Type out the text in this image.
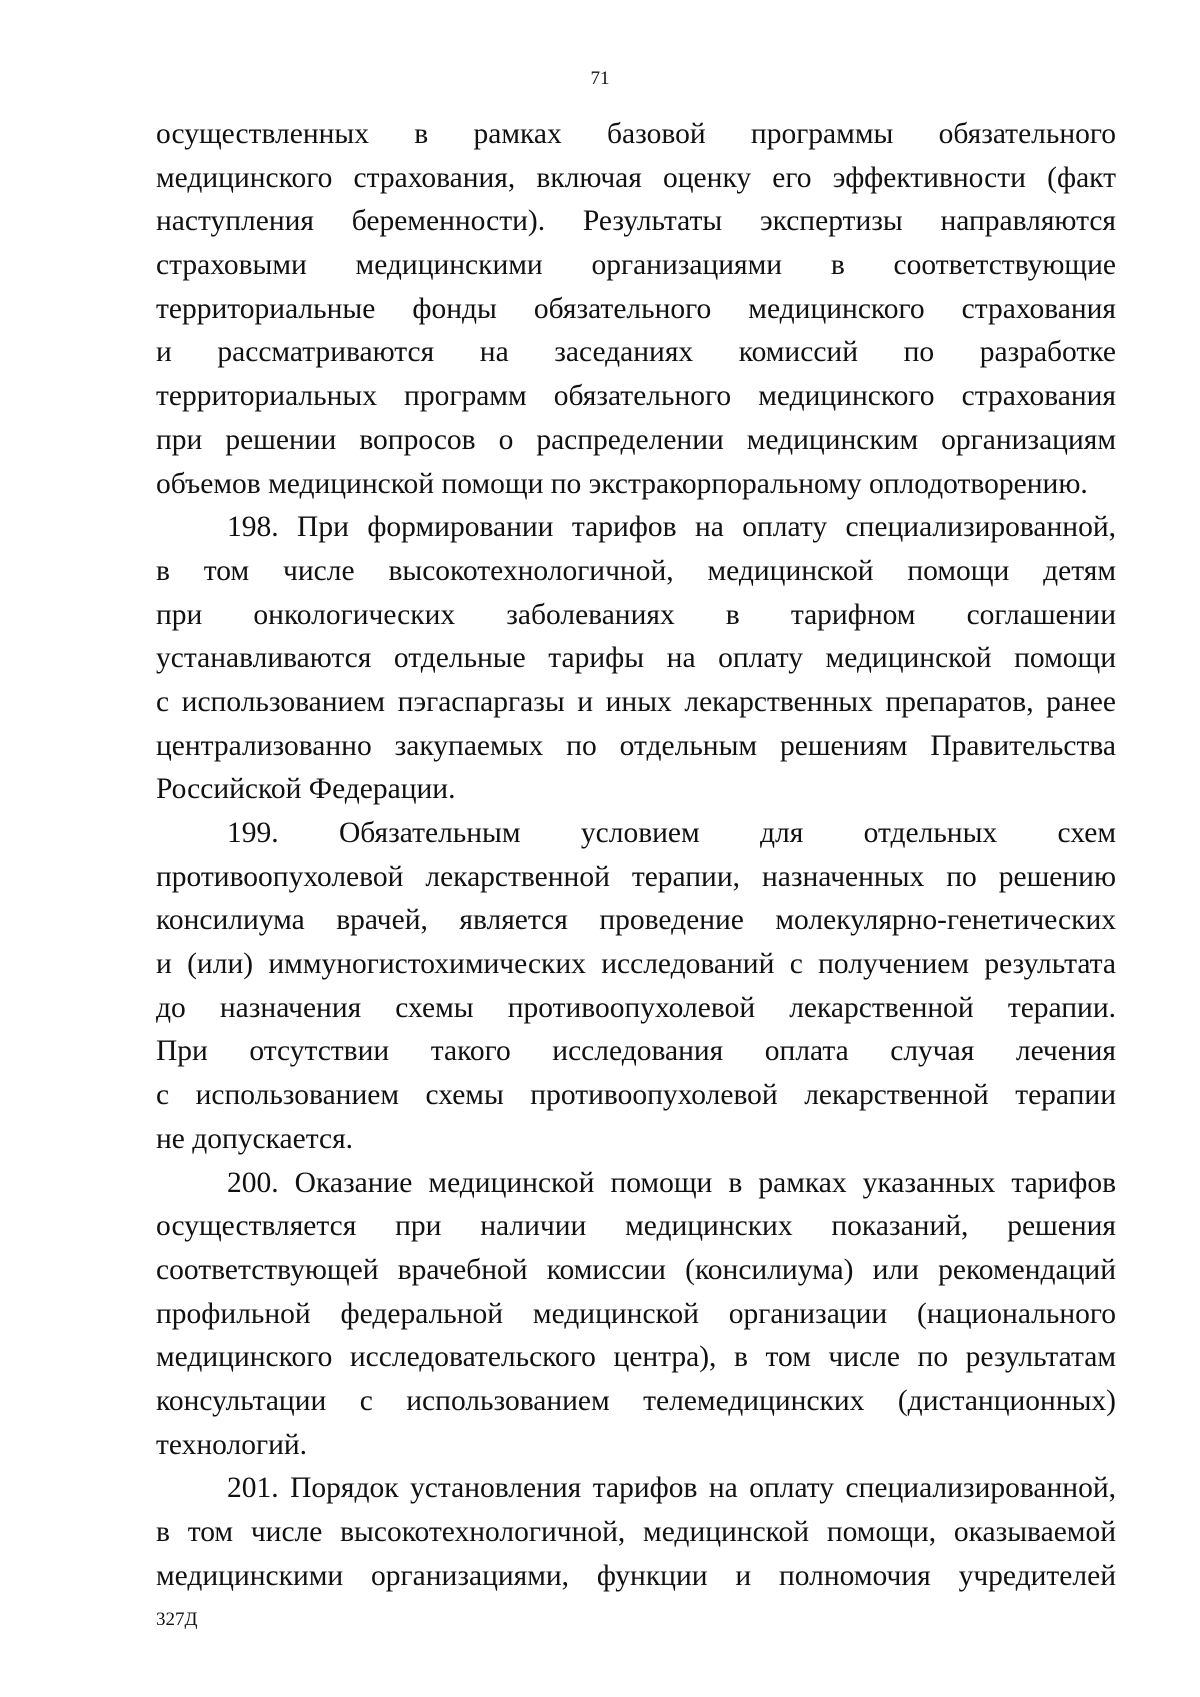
71
осуществленных в рамках базовой программы обязательного
медицинского страхования, включая оценку его эффективности (факт
наступления беременности). Результаты экспертизы направляются
страховыми медицинскими организациями в соответствующие
территориальные фонды обязательного медицинского страхования
и рассматриваются на заседаниях комиссий по разработке
территориальных программ обязательного медицинского страхования
при решении вопросов о распределении медицинским организациям
объемов медицинской помощи по экстракорпоральному оплодотворению.
198. При формировании тарифов на оплату специализированной,
в том числе высокотехнологичной, медицинской помощи детям
при онкологических заболеваниях в тарифном соглашении
устанавливаются отдельные тарифы на оплату медицинской помощи
с использованием пэгаспаргазы и иных лекарственных препаратов, ранее
централизованно закупаемых по отдельным решениям Правительства
Российской Федерации.
199. Обязательным условием для отдельных схем
противоопухолевой лекарственной терапии, назначенных по решению
консилиума врачей, является проведение молекулярно-генетических
и (или) иммуногистохимических исследований с получением результата
до назначения схемы противоопухолевой лекарственной терапии.
При отсутствии такого исследования оплата случая лечения
с использованием схемы противоопухолевой лекарственной терапии
не допускается.
200. Оказание медицинской помощи в рамках указанных тарифов
осуществляется при наличии медицинских показаний, решения
соответствующей врачебной комиссии (консилиума) или рекомендаций
профильной федеральной медицинской организации (национального
медицинского исследовательского центра), в том числе по результатам
консультации с использованием телемедицинских (дистанционных)
технологий.
201. Порядок установления тарифов на оплату специализированной,
в том числе высокотехнологичной, медицинской помощи, оказываемой
медицинскими организациями, функции и полномочия учредителей
327Д
